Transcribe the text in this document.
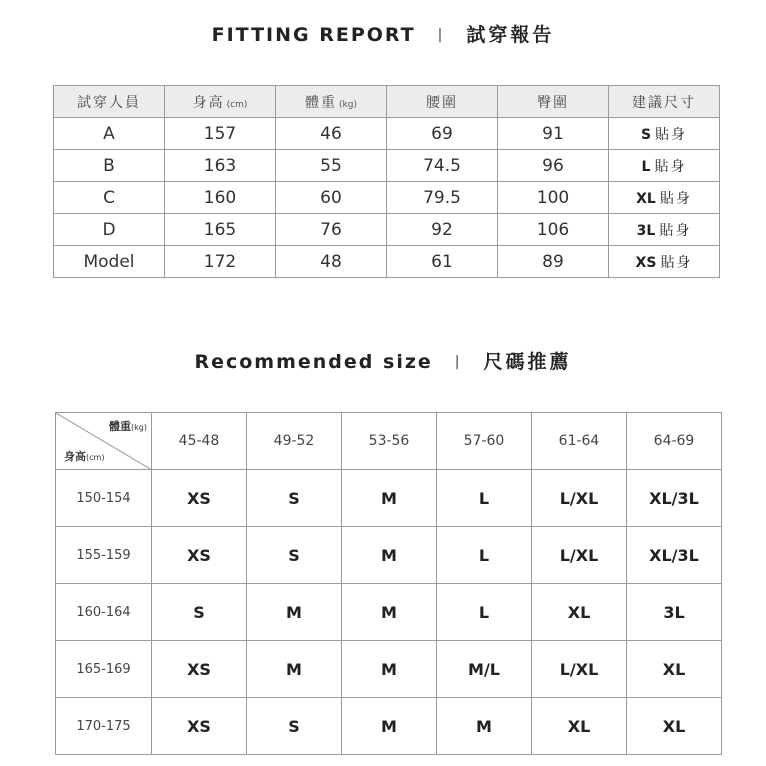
FITTING REPORT | 試穿報告
試穿人員	身高 (cm)	體重 (kg)	腰圍	臀圍	建議尺寸
A	157	46	69	91	S 貼身
B	163	55	74.5	96	L 貼身
C	160	60	79.5	100	XL 貼身
D	165	76	92	106	3L 貼身
Model	172	48	61	89	XS 貼身
Recommended size | 尺碼推薦
體重(kg)
身高(cm)	45-48	49-52	53-56	57-60	61-64	64-69
150-154	XS	S	M	L	L/XL	XL/3L
155-159	XS	S	M	L	L/XL	XL/3L
160-164	S	M	M	L	XL	3L
165-169	XS	M	M	M/L	L/XL	XL
170-175	XS	S	M	M	XL	XL
